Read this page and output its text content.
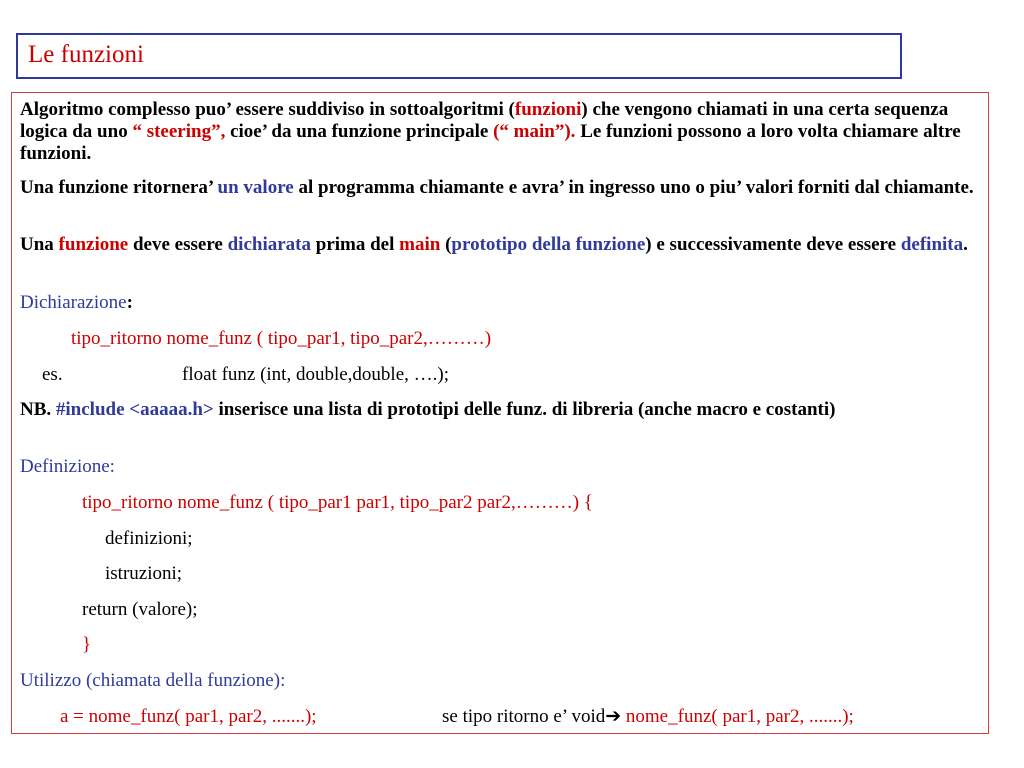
Le funzioni
Algoritmo complesso puo’ essere suddiviso in sottoalgoritmi (funzioni) che vengono chiamati in una certa sequenza logica da uno “ steering”, cioe’ da una funzione principale (“ main”). Le funzioni possono a loro volta chiamare altre funzioni.
Una funzione ritornera’ un valore al programma chiamante e avra’ in ingresso uno o piu’ valori forniti dal chiamante.
Una funzione deve essere dichiarata prima del main (prototipo della funzione) e successivamente deve essere definita.
Dichiarazione:
tipo_ritorno nome_funz ( tipo_par1, tipo_par2,………)
es.	float funz (int, double,double, ….);
NB. #include <aaaaa.h> inserisce una lista di prototipi delle funz. di libreria (anche macro e costanti)
Definizione:
tipo_ritorno nome_funz ( tipo_par1 par1, tipo_par2 par2,………) {
definizioni;
istruzioni;
return (valore);
}
Utilizzo (chiamata della funzione):
a = nome_funz( par1, par2, .......);	se tipo ritorno e’ void➔ nome_funz( par1, par2, .......);
